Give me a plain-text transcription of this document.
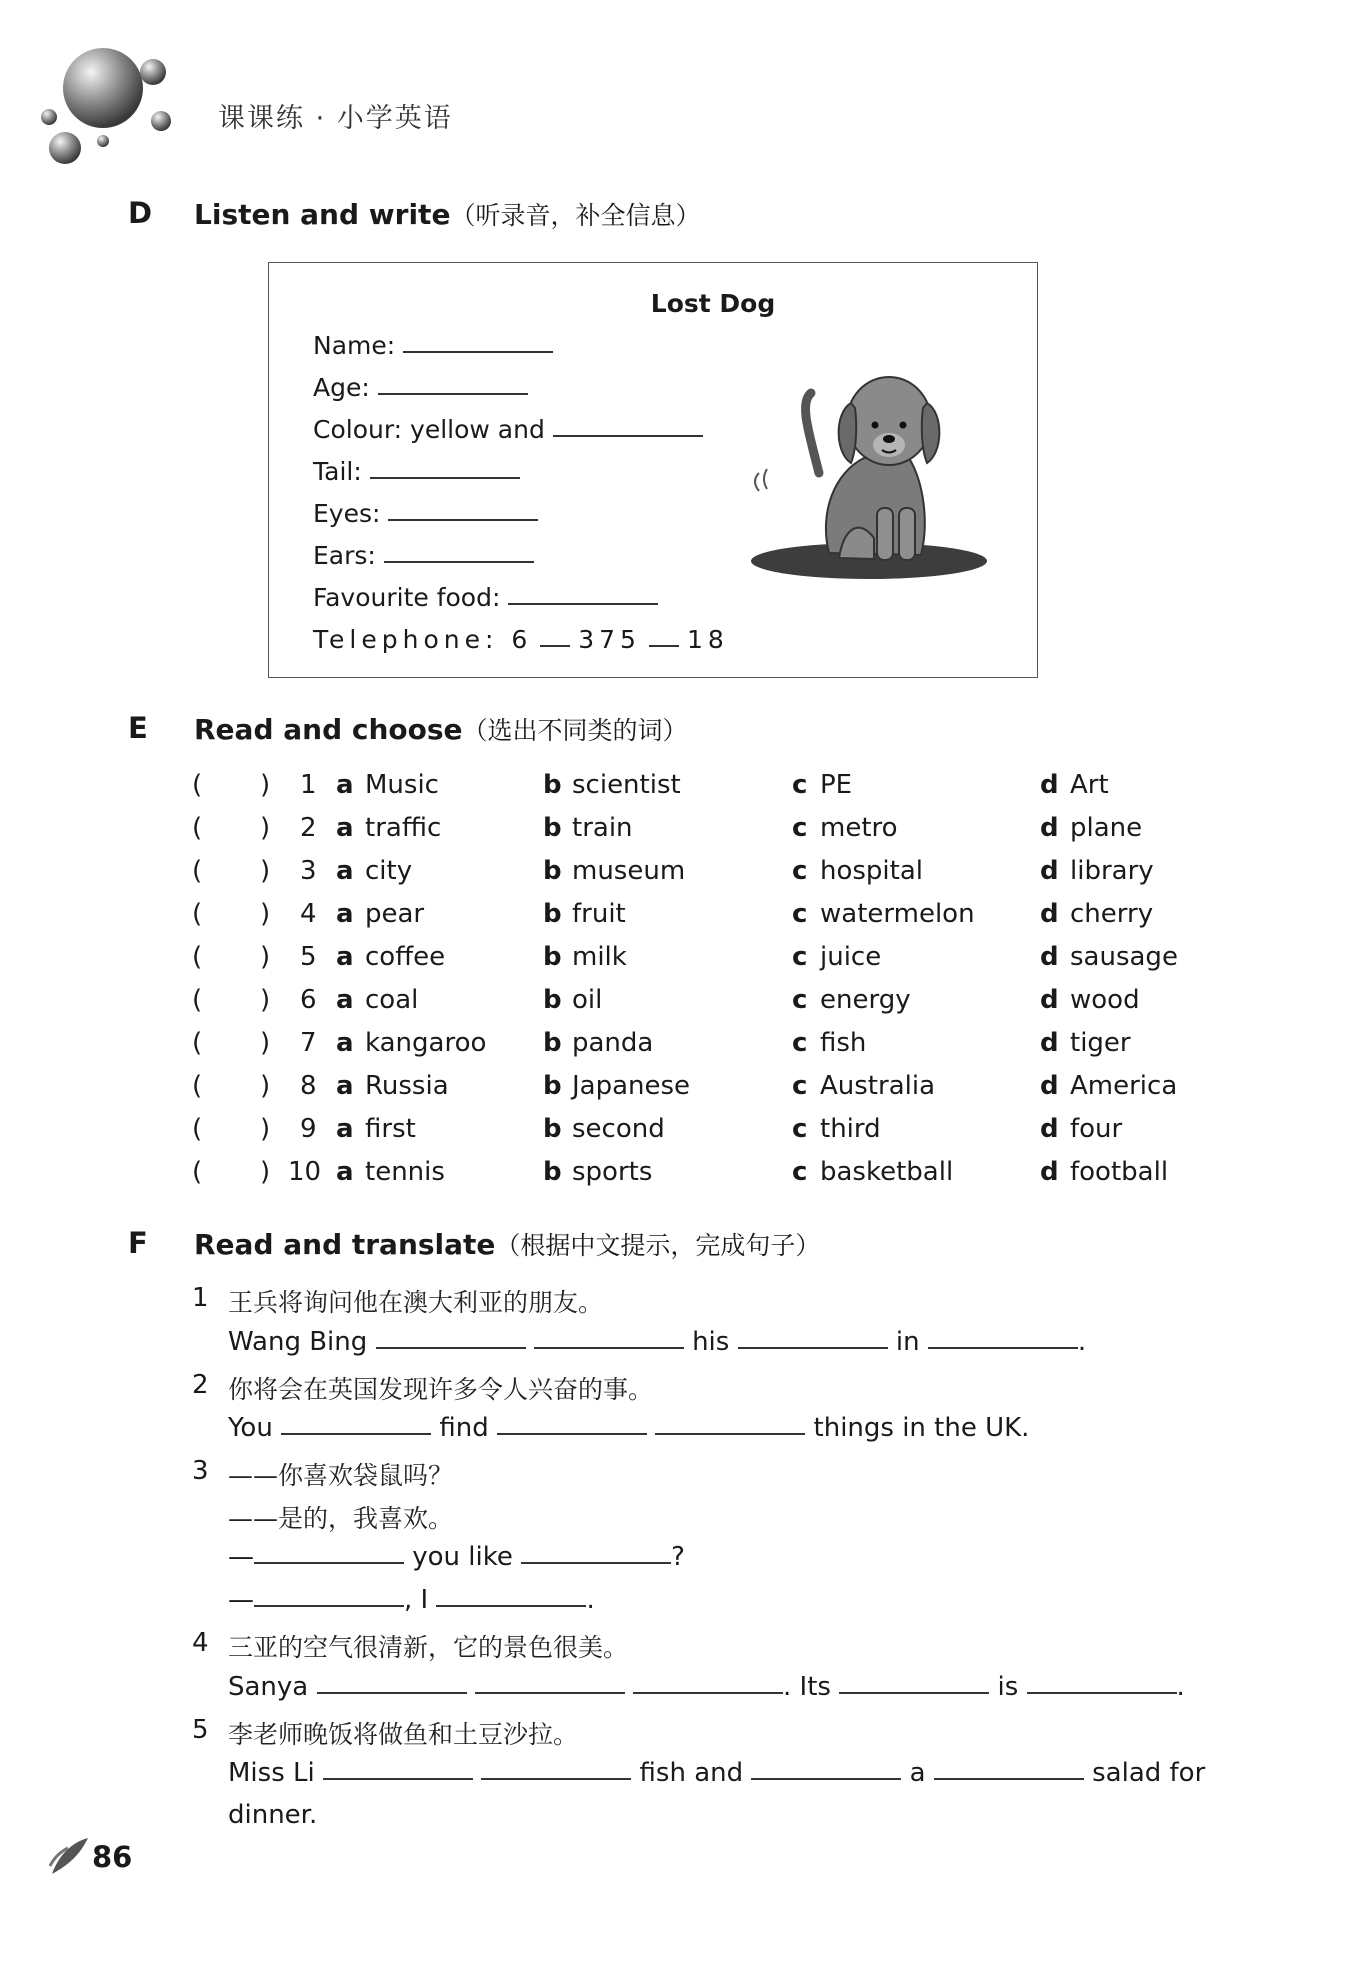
课课练 · 小学英语
D Listen and write（听录音，补全信息）
Lost Dog
Name:
Age:
Colour: yellow and
Tail:
Eyes:
Ears:
Favourite food:
Telephone: 6 375 18
E Read and choose（选出不同类的词）
(       ) 1 a Music	b scientist	c PE	d Art
(       ) 2 a traffic	b train	c metro	d plane
(       ) 3 a city	b museum	c hospital	d library
(       ) 4 a pear	b fruit	c watermelon	d cherry
(       ) 5 a coffee	b milk	c juice	d sausage
(       ) 6 a coal	b oil	c energy	d wood
(       ) 7 a kangaroo b panda	c fish	d tiger
(       ) 8 a Russia	b Japanese	c Australia	d America
(       ) 9 a first	b second	c third	d four
(       ) 10 a tennis	b sports	c basketball	d football
F Read and translate（根据中文提示，完成句子）
1 王兵将询问他在澳大利亚的朋友。
Wang Bing	his	in	.
2 你将会在英国发现许多令人兴奋的事。
You	find	things in the UK.
3 ——你喜欢袋鼠吗？
——是的，我喜欢。
—	you like	?
—	, I	.
4 三亚的空气很清新，它的景色很美。
Sanya	. Its	is	.
5 李老师晚饭将做鱼和土豆沙拉。
Miss Li	fish and	a	salad for
dinner.
86
